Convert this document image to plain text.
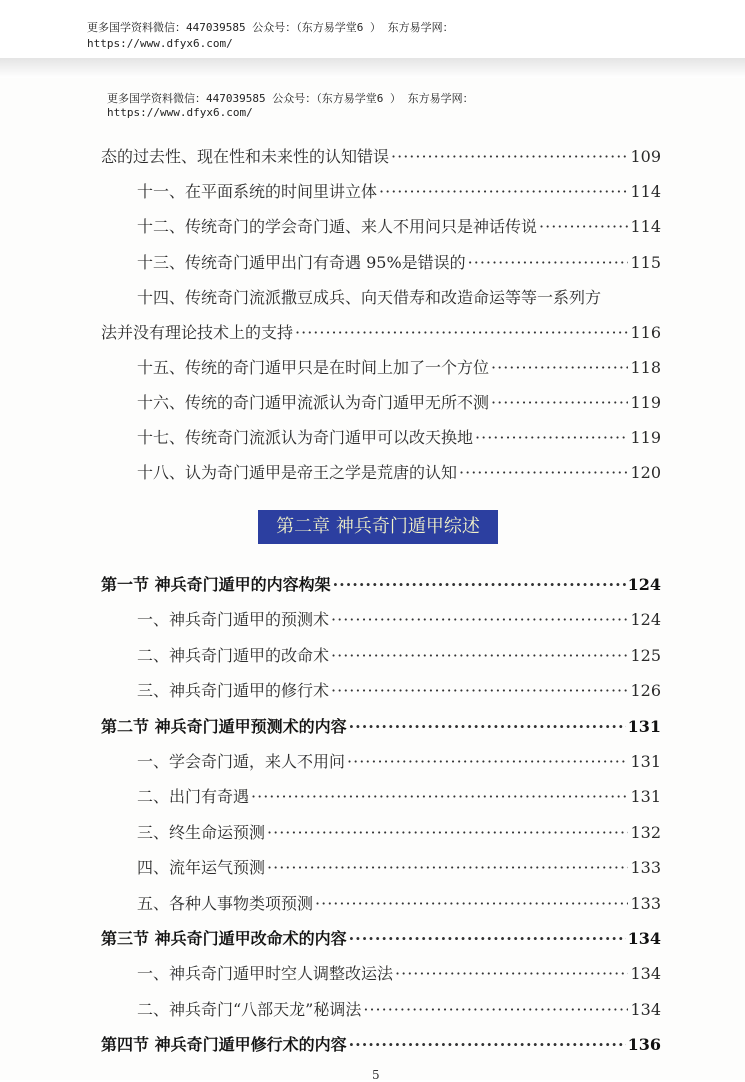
更多国学资料微信：447039585 公众号：（东方易学堂6 ） 东方易学网：
https://www.dfyx6.com/
更多国学资料微信：447039585 公众号：（东方易学堂6 ） 东方易学网：
https://www.dfyx6.com/
态的过去性、现在性和未来性的认知错误 ·····	109
十一、在平面系统的时间里讲立体 ·····	114
十二、传统奇门的学会奇门遁、来人不用问只是神话传说 ·····	114
十三、传统奇门遁甲出门有奇遇 95%是错误的 ·····	115
十四、传统奇门流派撒豆成兵、向天借寿和改造命运等等一系列方
法并没有理论技术上的支持 ·····	116
十五、传统的奇门遁甲只是在时间上加了一个方位 ·····	118
十六、传统的奇门遁甲流派认为奇门遁甲无所不测 ·····	119
十七、传统奇门流派认为奇门遁甲可以改天换地 ·····	119
十八、认为奇门遁甲是帝王之学是荒唐的认知 ·····	120
第二章 神兵奇门遁甲综述
第一节 神兵奇门遁甲的内容构架 ·····	124
一、神兵奇门遁甲的预测术 ·····	124
二、神兵奇门遁甲的改命术 ·····	125
三、神兵奇门遁甲的修行术 ·····	126
第二节 神兵奇门遁甲预测术的内容 ·····	131
一、学会奇门遁，来人不用问 ·····	131
二、出门有奇遇 ·····	131
三、终生命运预测 ·····	132
四、流年运气预测 ·····	133
五、各种人事物类项预测 ·····	133
第三节 神兵奇门遁甲改命术的内容 ·····	134
一、神兵奇门遁甲时空人调整改运法 ·····	134
二、神兵奇门“八部天龙”秘调法 ·····	134
第四节 神兵奇门遁甲修行术的内容 ·····	136
5
